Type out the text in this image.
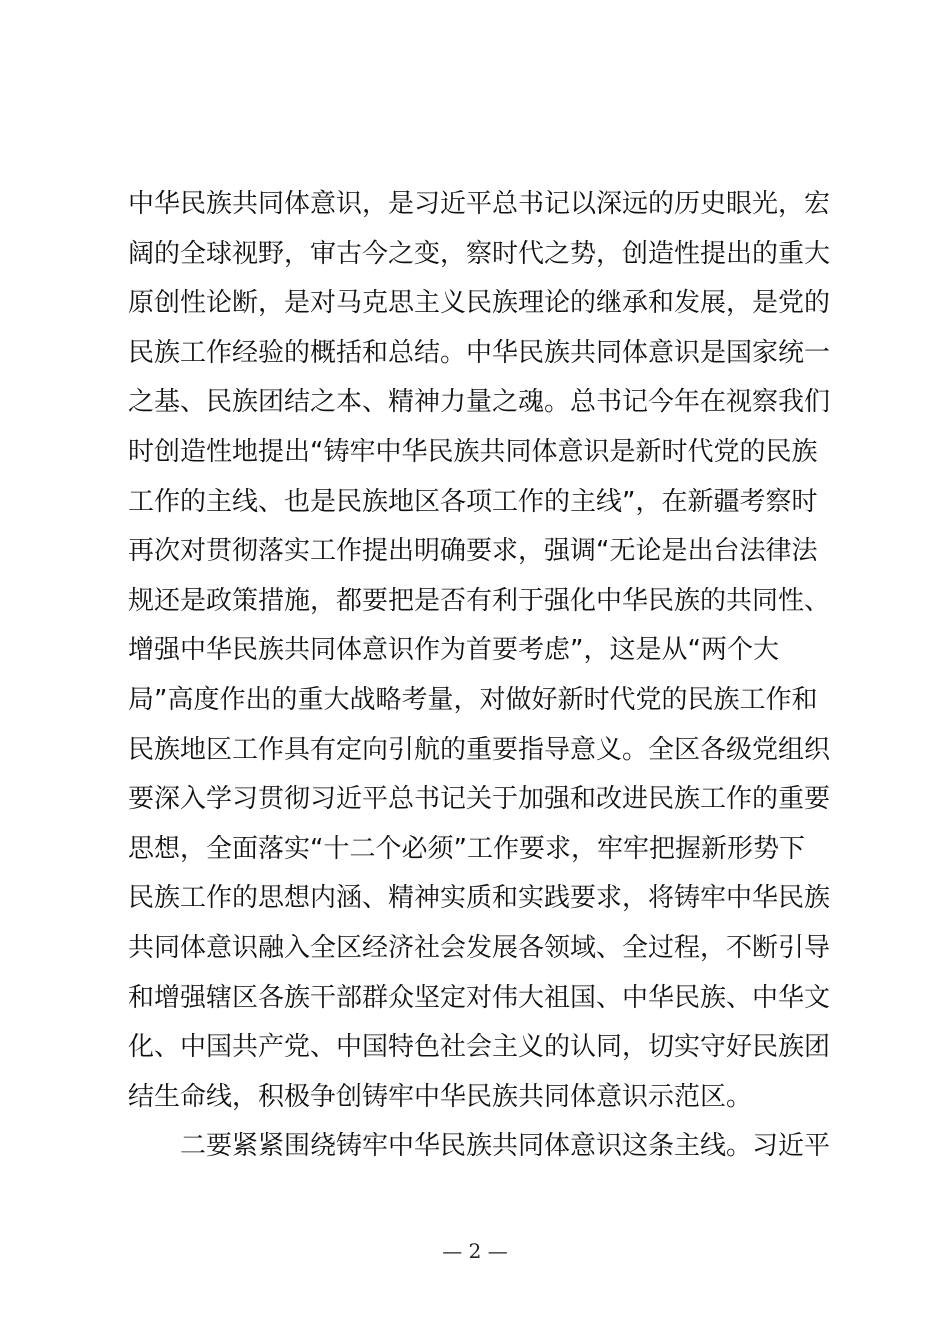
中华民族共同体意识，是习近平总书记以深远的历史眼光，宏
阔的全球视野，审古今之变，察时代之势，创造性提出的重大
原创性论断，是对马克思主义民族理论的继承和发展，是党的
民族工作经验的概括和总结。中华民族共同体意识是国家统一
之基、民族团结之本、精神力量之魂。总书记今年在视察我们
时创造性地提出“铸牢中华民族共同体意识是新时代党的民族
工作的主线、也是民族地区各项工作的主线”，在新疆考察时
再次对贯彻落实工作提出明确要求，强调“无论是出台法律法
规还是政策措施，都要把是否有利于强化中华民族的共同性、
增强中华民族共同体意识作为首要考虑”，这是从“两个大
局”高度作出的重大战略考量，对做好新时代党的民族工作和
民族地区工作具有定向引航的重要指导意义。全区各级党组织
要深入学习贯彻习近平总书记关于加强和改进民族工作的重要
思想，全面落实“十二个必须”工作要求，牢牢把握新形势下
民族工作的思想内涵、精神实质和实践要求，将铸牢中华民族
共同体意识融入全区经济社会发展各领域、全过程，不断引导
和增强辖区各族干部群众坚定对伟大祖国、中华民族、中华文
化、中国共产党、中国特色社会主义的认同，切实守好民族团
结生命线，积极争创铸牢中华民族共同体意识示范区。
二要紧紧围绕铸牢中华民族共同体意识这条主线。习近平
— 2 —
